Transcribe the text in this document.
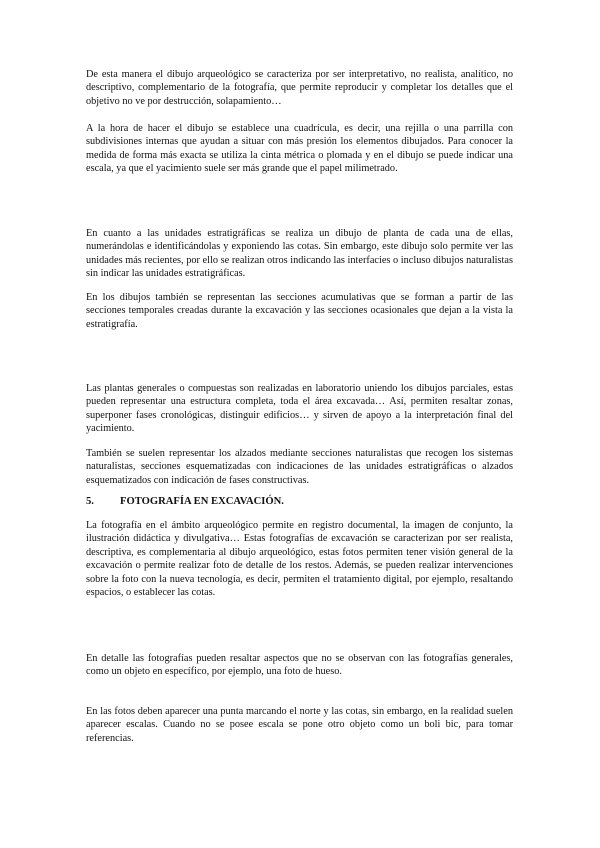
De esta manera el dibujo arqueológico se caracteriza por ser interpretativo, no realista, analítico, no descriptivo, complementario de la fotografía, que permite reproducir y completar los detalles que el objetivo no ve por destrucción, solapamiento…

A la hora de hacer el dibujo se establece una cuadrícula, es decir, una rejilla o una parrilla con subdivisiones internas que ayudan a situar con más presión los elementos dibujados. Para conocer la medida de forma más exacta se utiliza la cinta métrica o plomada y en el dibujo se puede indicar una escala, ya que el yacimiento suele ser más grande que el papel milimetrado.

En cuanto a las unidades estratigráficas se realiza un dibujo de planta de cada una de ellas, numerándolas e identificándolas y exponiendo las cotas. Sin embargo, este dibujo solo permite ver las unidades más recientes, por ello se realizan otros indicando las interfacies o incluso dibujos naturalistas sin indicar las unidades estratigráficas.

En los dibujos también se representan las secciones acumulativas que se forman a partir de las secciones temporales creadas durante la excavación y las secciones ocasionales que dejan a la vista la estratigrafía.

Las plantas generales o compuestas son realizadas en laboratorio uniendo los dibujos parciales, estas pueden representar una estructura completa, toda el área excavada… Así, permiten resaltar zonas, superponer fases cronológicas, distinguir edificios… y sirven de apoyo a la interpretación final del yacimiento.

También se suelen representar los alzados mediante secciones naturalistas que recogen los sistemas naturalistas, secciones esquematizadas con indicaciones de las unidades estratigráficas o alzados esquematizados con indicación de fases constructivas.

5. FOTOGRAFÍA EN EXCAVACIÓN.

La fotografía en el ámbito arqueológico permite en registro documental, la imagen de conjunto, la ilustración didáctica y divulgativa… Estas fotografías de excavación se caracterizan por ser realista, descriptiva, es complementaria al dibujo arqueológico, estas fotos permiten tener visión general de la excavación o permite realizar foto de detalle de los restos. Además, se pueden realizar intervenciones sobre la foto con la nueva tecnología, es decir, permiten el tratamiento digital, por ejemplo, resaltando espacios, o establecer las cotas.

En detalle las fotografías pueden resaltar aspectos que no se observan con las fotografías generales, como un objeto en específico, por ejemplo, una foto de hueso.

En las fotos deben aparecer una punta marcando el norte y las cotas, sin embargo, en la realidad suelen aparecer escalas. Cuando no se posee escala se pone otro objeto como un boli bic, para tomar referencias.
